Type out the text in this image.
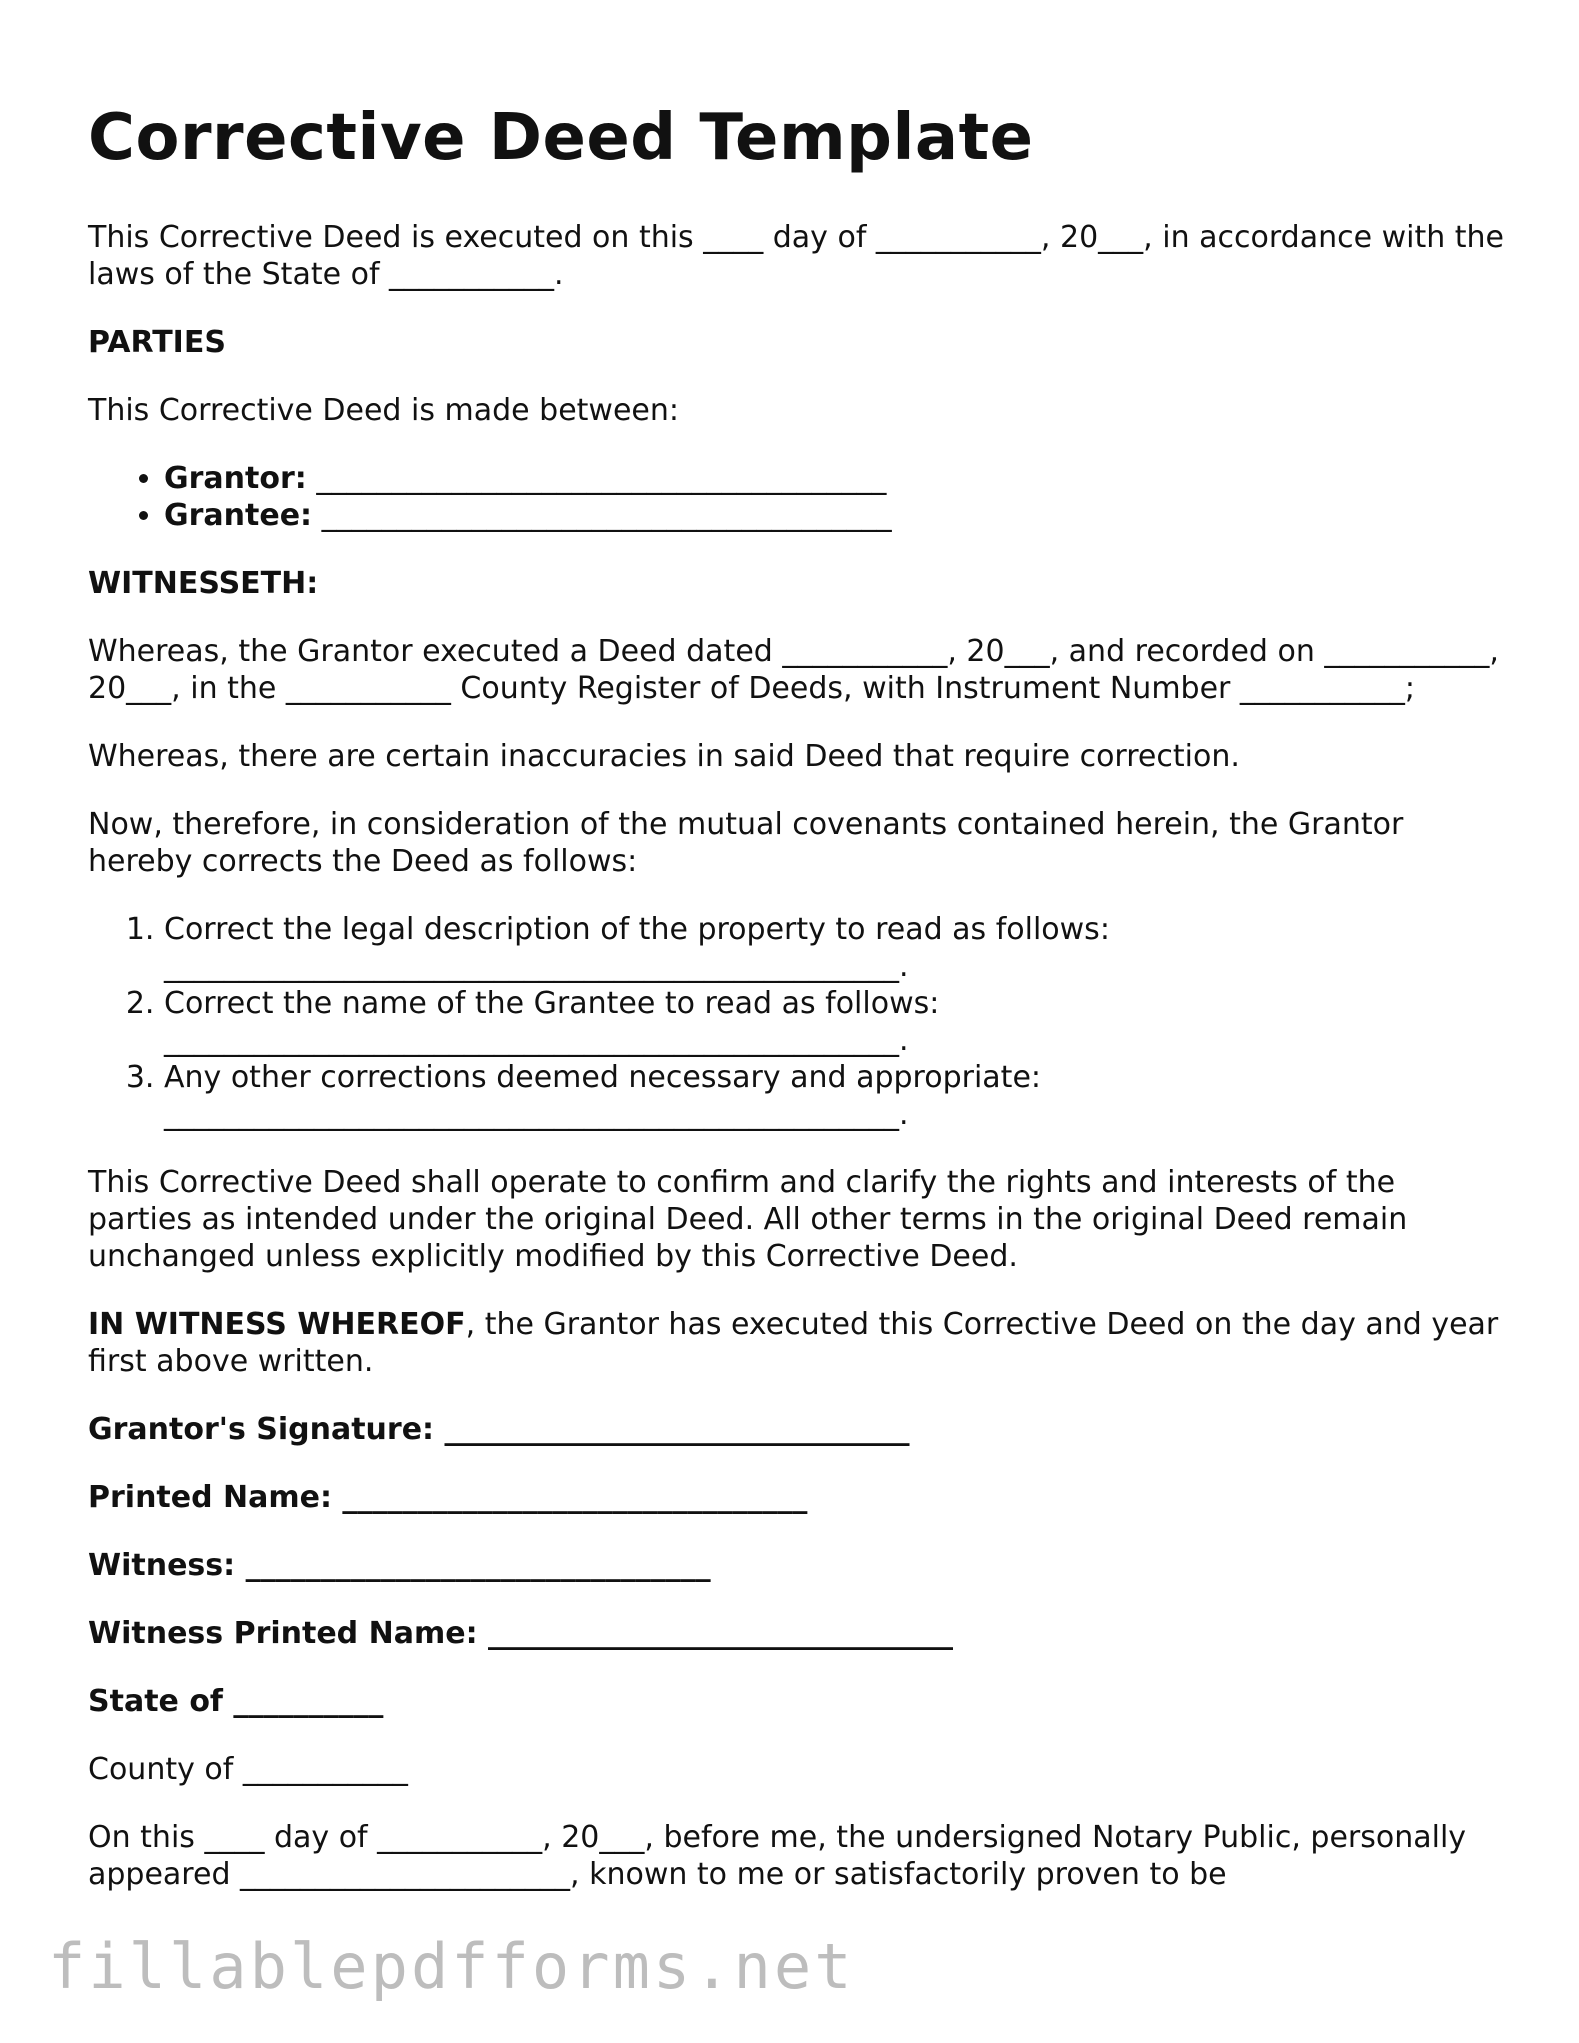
Corrective Deed Template

This Corrective Deed is executed on this ____ day of ___________, 20___, in accordance with the laws of the State of ___________.

PARTIES

This Corrective Deed is made between:

• Grantor: ______________________________________
• Grantee: ______________________________________

WITNESSETH:

Whereas, the Grantor executed a Deed dated ___________, 20___, and recorded on ___________, 20___, in the ___________ County Register of Deeds, with Instrument Number ___________;

Whereas, there are certain inaccuracies in said Deed that require correction.

Now, therefore, in consideration of the mutual covenants contained herein, the Grantor hereby corrects the Deed as follows:

1. Correct the legal description of the property to read as follows: _________________________________________________.
2. Correct the name of the Grantee to read as follows: _________________________________________________.
3. Any other corrections deemed necessary and appropriate: _________________________________________________.

This Corrective Deed shall operate to confirm and clarify the rights and interests of the parties as intended under the original Deed. All other terms in the original Deed remain unchanged unless explicitly modified by this Corrective Deed.

IN WITNESS WHEREOF, the Grantor has executed this Corrective Deed on the day and year first above written.

Grantor's Signature: _______________________________

Printed Name: _______________________________

Witness: _______________________________

Witness Printed Name: _______________________________

State of __________

County of ___________

On this ____ day of ___________, 20___, before me, the undersigned Notary Public, personally appeared ______________________, known to me or satisfactorily proven to be

fillablepdfforms.net
